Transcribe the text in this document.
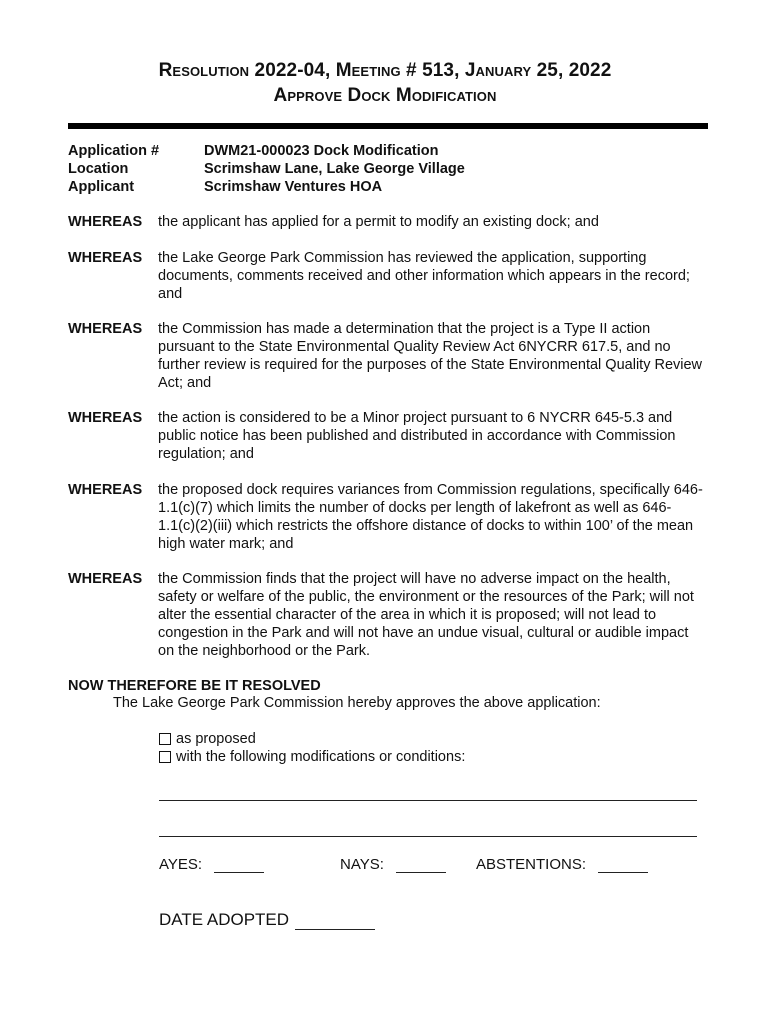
Resolution 2022-04, Meeting # 513, January 25, 2022
Approve Dock Modification
Application #	DWM21-000023 Dock Modification
Location	Scrimshaw Lane, Lake George Village
Applicant	Scrimshaw Ventures HOA
WHEREAS	the applicant has applied for a permit to modify an existing dock; and
WHEREAS	the Lake George Park Commission has reviewed the application, supporting documents, comments received and other information which appears in the record; and
WHEREAS	the Commission has made a determination that the project is a Type II action pursuant to the State Environmental Quality Review Act 6NYCRR 617.5, and no further review is required for the purposes of the State Environmental Quality Review Act; and
WHEREAS	the action is considered to be a Minor project pursuant to 6 NYCRR 645-5.3 and public notice has been published and distributed in accordance with Commission regulation; and
WHEREAS	the proposed dock requires variances from Commission regulations, specifically 646-1.1(c)(7) which limits the number of docks per length of lakefront as well as 646-1.1(c)(2)(iii) which restricts the offshore distance of docks to within 100’ of the mean high water mark; and
WHEREAS	the Commission finds that the project will have no adverse impact on the health, safety or welfare of the public, the environment or the resources of the Park; will not alter the essential character of the area in which it is proposed; will not lead to congestion in the Park and will not have an undue visual, cultural or audible impact on the neighborhood or the Park.
NOW THEREFORE BE IT RESOLVED
The Lake George Park Commission hereby approves the above application:
as proposed
with the following modifications or conditions:
AYES:	NAYS:	ABSTENTIONS:
DATE ADOPTED
